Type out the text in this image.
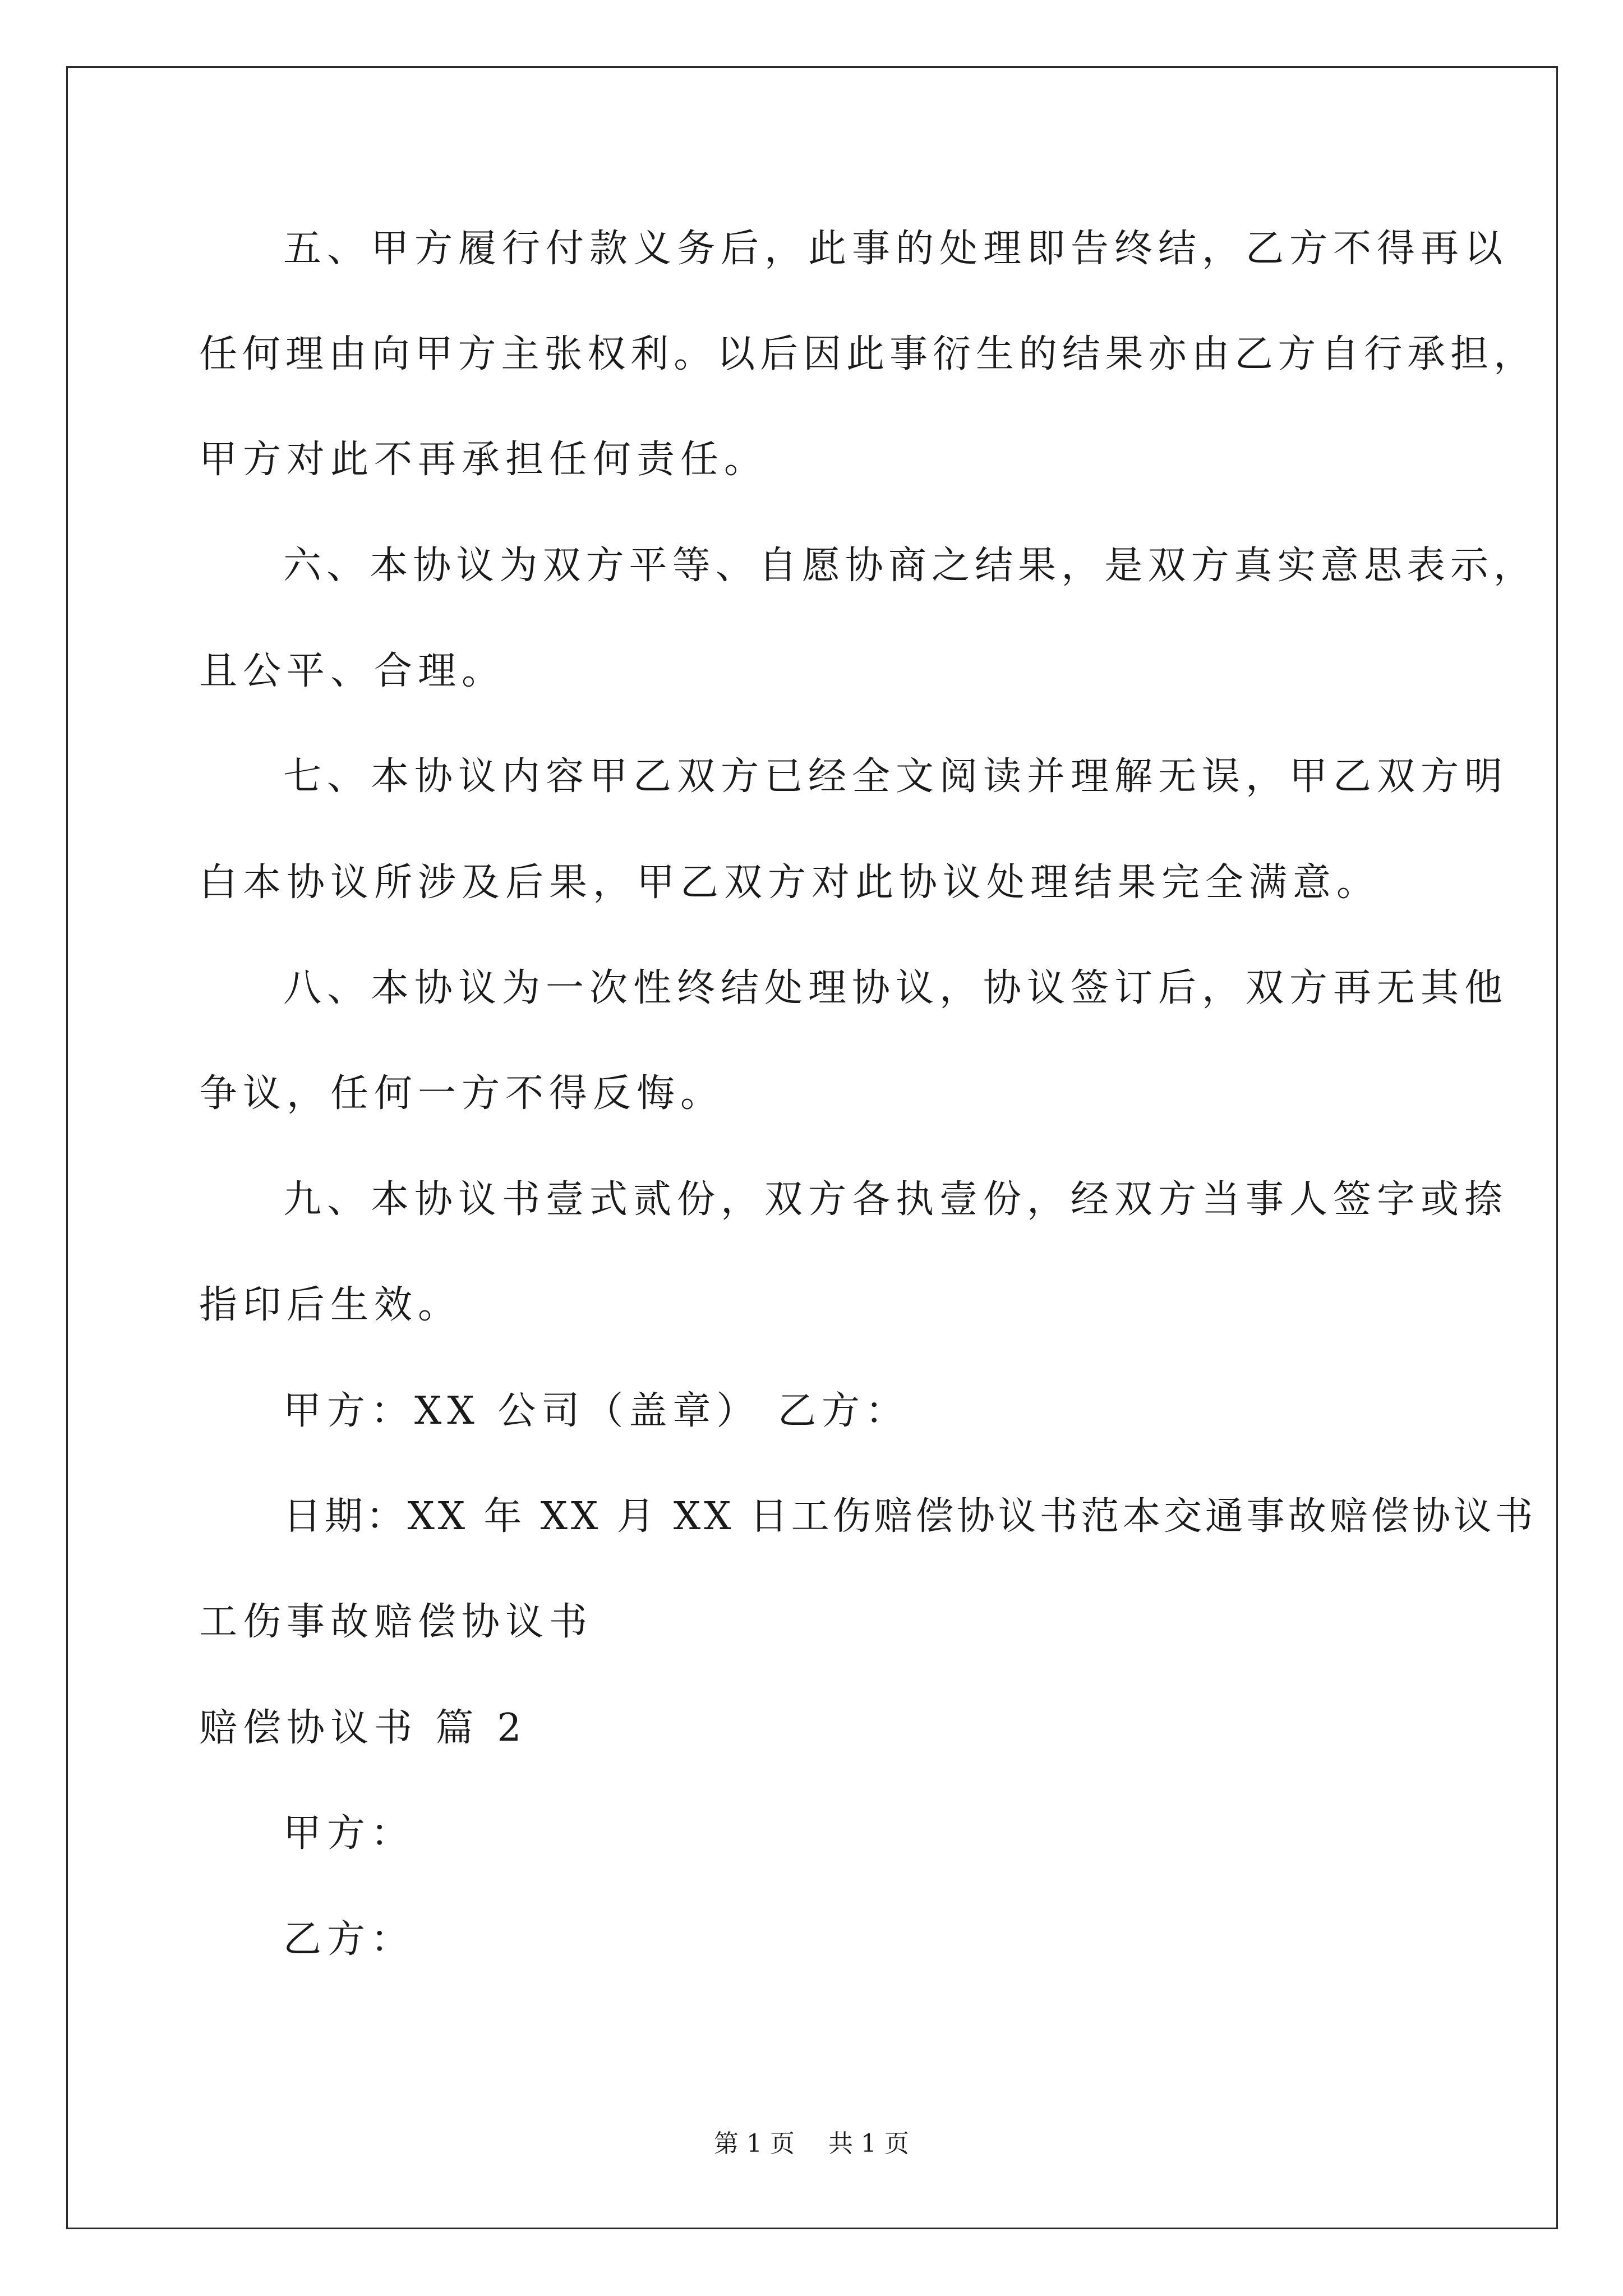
五、甲方履行付款义务后，此事的处理即告终结，乙方不得再以
任何理由向甲方主张权利。以后因此事衍生的结果亦由乙方自行承担，
甲方对此不再承担任何责任。
六、本协议为双方平等、自愿协商之结果，是双方真实意思表示，
且公平、合理。
七、本协议内容甲乙双方已经全文阅读并理解无误，甲乙双方明
白本协议所涉及后果，甲乙双方对此协议处理结果完全满意。
八、本协议为一次性终结处理协议，协议签订后，双方再无其他
争议，任何一方不得反悔。
九、本协议书壹式贰份，双方各执壹份，经双方当事人签字或捺
指印后生效。
甲方：XX 公司（盖章） 乙方：
日期：XX 年 XX 月 XX 日工伤赔偿协议书范本交通事故赔偿协议书
工伤事故赔偿协议书
赔偿协议书 篇 2
甲方：
乙方：
第 1 页 共 1 页
